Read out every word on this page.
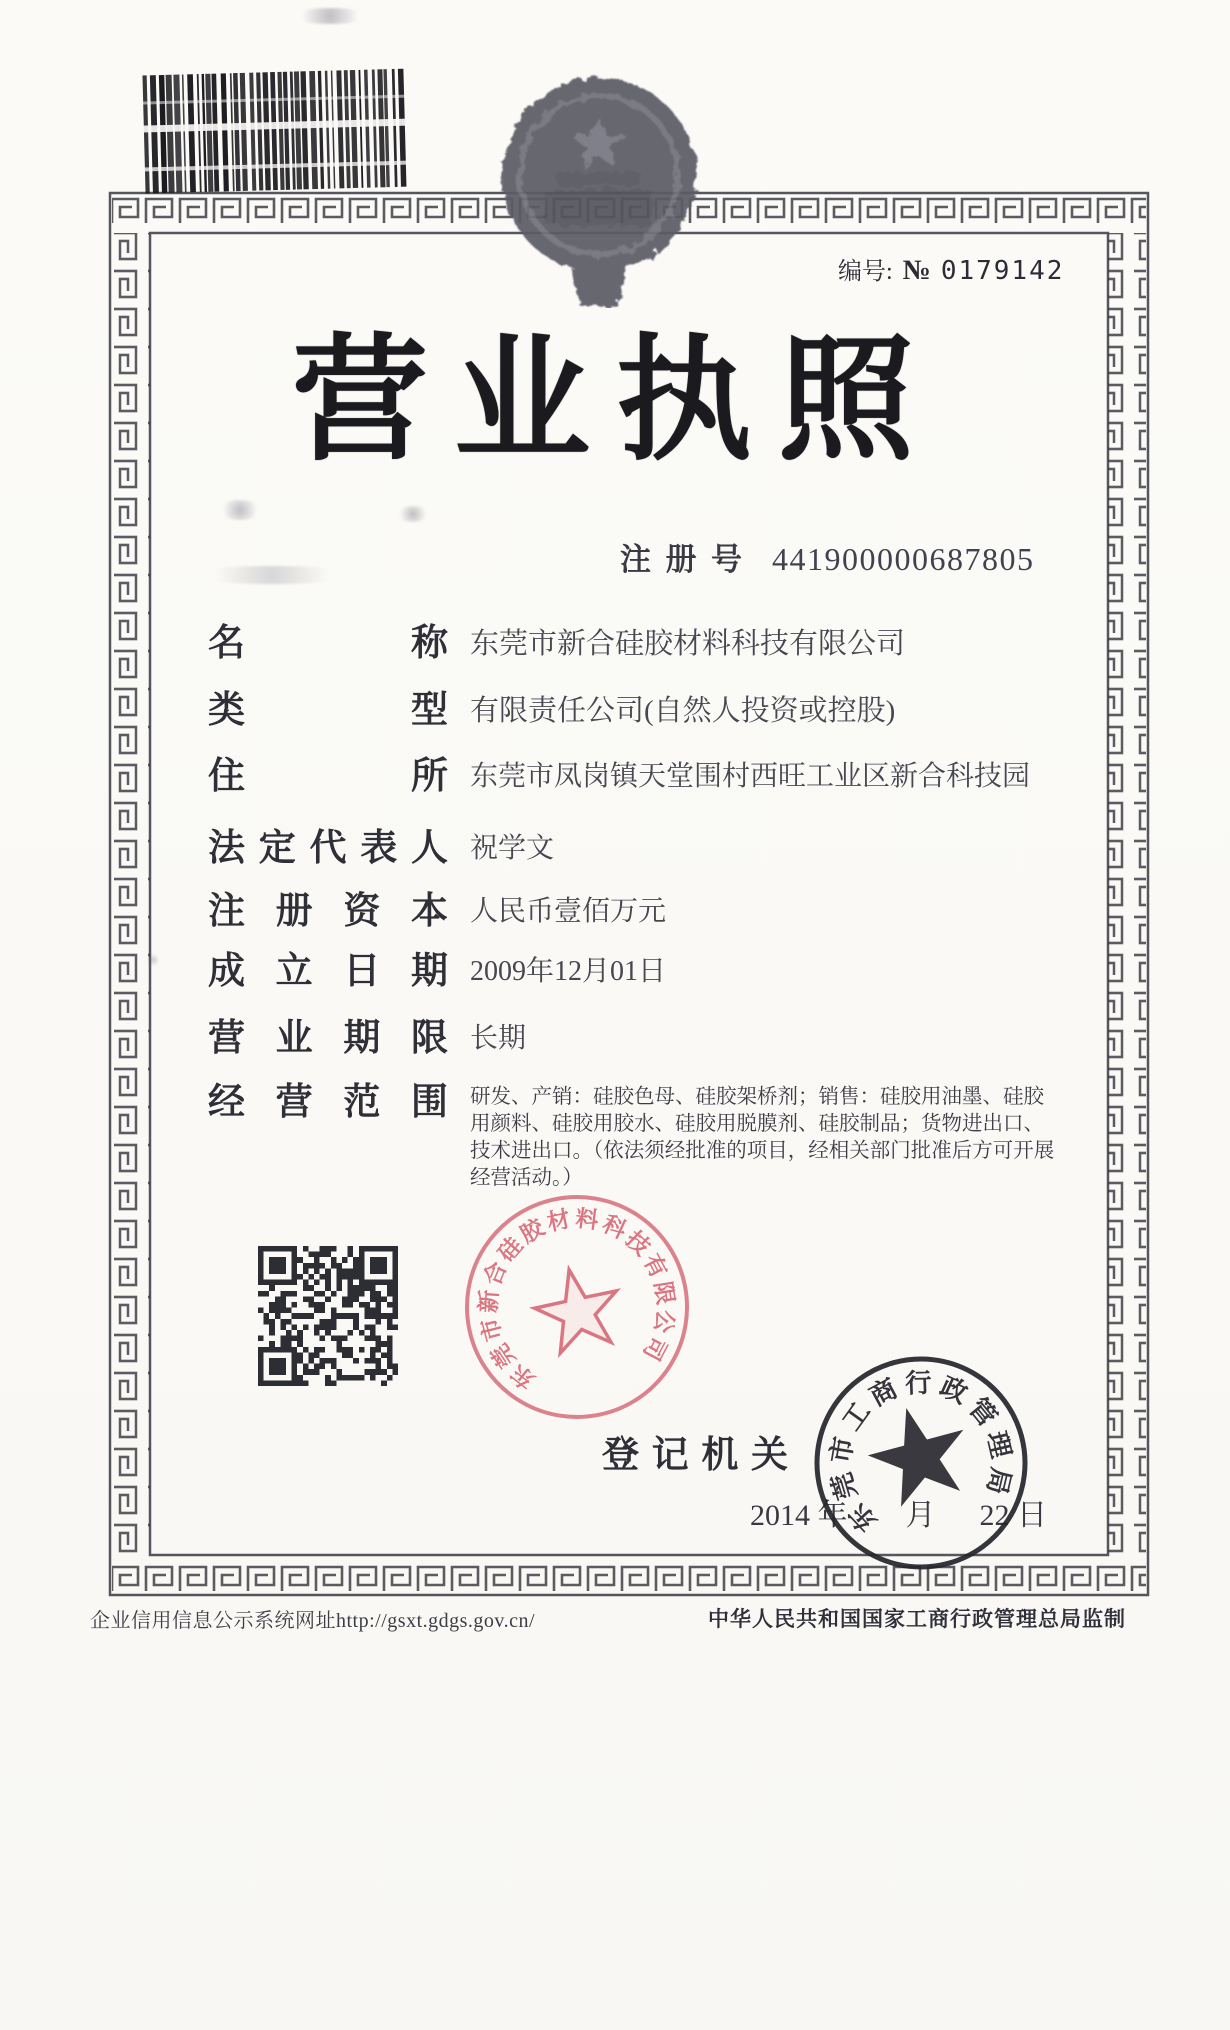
编号: № 0179142
营 业 执 照
注 册 号 441900000687805
名	称 东莞市新合硅胶材料科技有限公司
类	型 有限责任公司(自然人投资或控股)
住	所 东莞市凤岗镇天堂围村西旺工业区新合科技园
法 定 代 表 人 祝学文
注 册 资 本 人民币壹佰万元
成 立 日 期 2009年12月01日
营 业 期 限 长期
经 营 范 围 研发、产销：硅胶色母、硅胶架桥剂；销售：硅胶用油墨、硅胶用颜料、硅胶用胶水、硅胶用脱膜剂、硅胶制品；货物进出口、技术进出口。（依法须经批准的项目，经相关部门批准后方可开展经营活动。）
东
莞
市
新
合
硅
胶
材 料
科
技
有
限
公
司
登 记 机 关
2014 年 月 22 日
东
莞
市
工
商 行 政
管
理
局
企业信用信息公示系统网址http://gsxt.gdgs.gov.cn/	中华人民共和国国家工商行政管理总局监制
